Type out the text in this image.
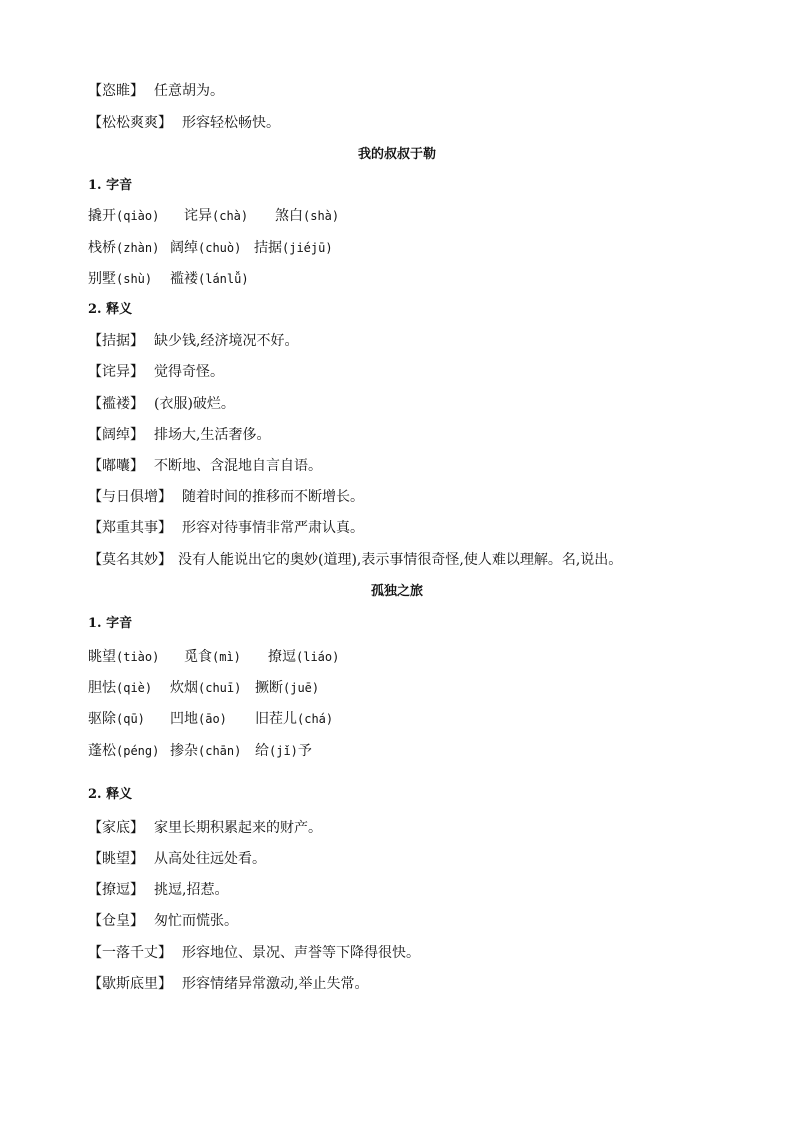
【恣睢】 任意胡为。
【松松爽爽】 形容轻松畅快。
我的叔叔于勒
1. 字音
撬开(qiào) 诧异(chà) 煞白(shà)
栈桥(zhàn) 阔绰(chuò) 拮据(jiéjū)
别墅(shù) 褴褛(lánlǚ)
2. 释义
【拮据】 缺少钱,经济境况不好。
【诧异】 觉得奇怪。
【褴褛】 (衣服)破烂。
【阔绰】 排场大,生活奢侈。
【嘟囔】 不断地、含混地自言自语。
【与日俱增】 随着时间的推移而不断增长。
【郑重其事】 形容对待事情非常严肃认真。
【莫名其妙】 没有人能说出它的奥妙(道理),表示事情很奇怪,使人难以理解。名,说出。
孤独之旅
1. 字音
眺望(tiào) 觅食(mì) 撩逗(liáo)
胆怯(qiè) 炊烟(chuī) 撅断(juē)
驱除(qū) 凹地(āo) 旧茬儿(chá)
蓬松(péng) 掺杂(chān) 给(jǐ)予
2. 释义
【家底】 家里长期积累起来的财产。
【眺望】 从高处往远处看。
【撩逗】 挑逗,招惹。
【仓皇】 匆忙而慌张。
【一落千丈】 形容地位、景况、声誉等下降得很快。
【歇斯底里】 形容情绪异常激动,举止失常。
